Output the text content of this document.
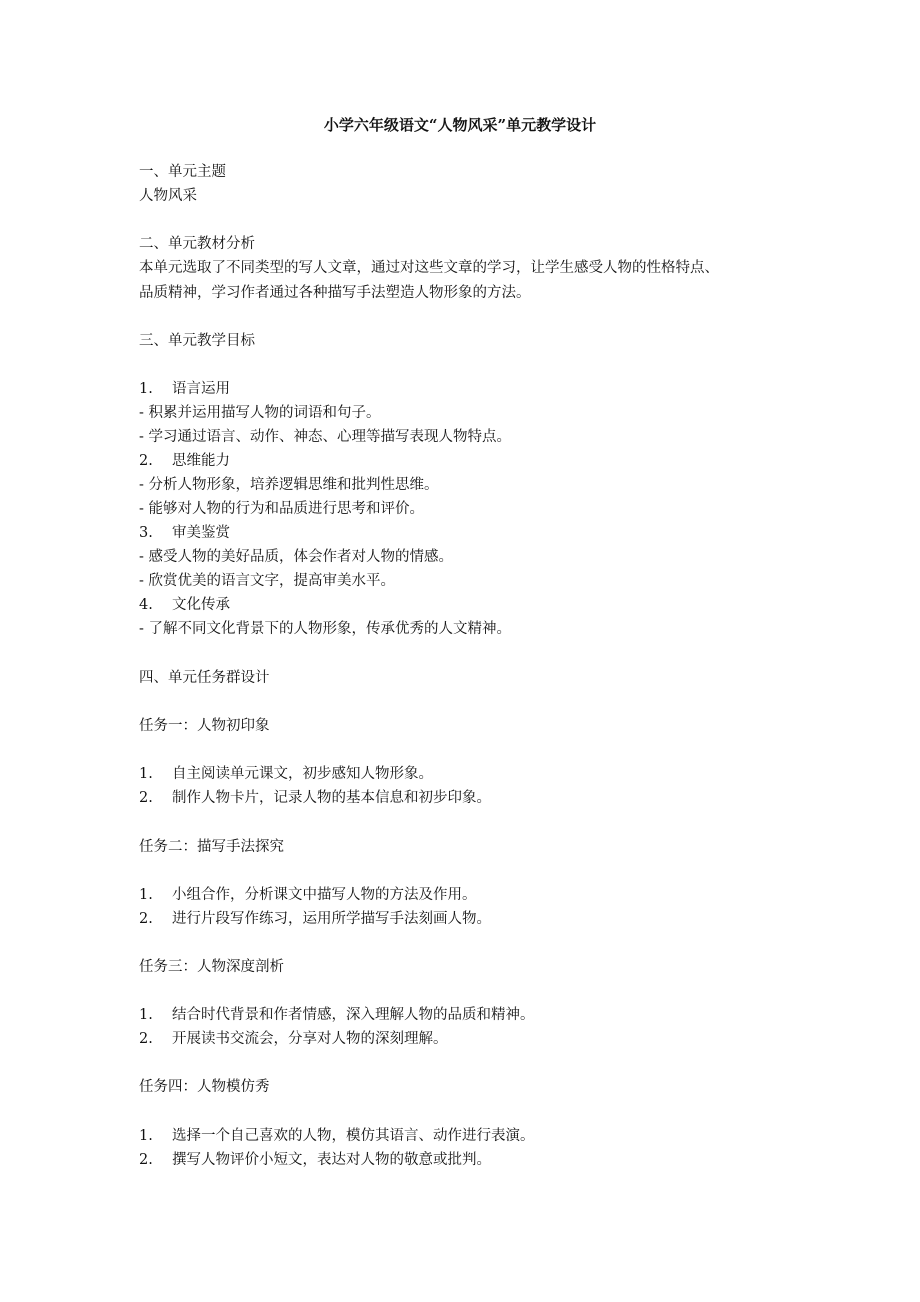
小学六年级语文“人物风采”单元教学设计
一、单元主题
人物风采
二、单元教材分析
本单元选取了不同类型的写人文章，通过对这些文章的学习，让学生感受人物的性格特点、
品质精神，学习作者通过各种描写手法塑造人物形象的方法。
三、单元教学目标
1. 语言运用
- 积累并运用描写人物的词语和句子。
- 学习通过语言、动作、神态、心理等描写表现人物特点。
2. 思维能力
- 分析人物形象，培养逻辑思维和批判性思维。
- 能够对人物的行为和品质进行思考和评价。
3. 审美鉴赏
- 感受人物的美好品质，体会作者对人物的情感。
- 欣赏优美的语言文字，提高审美水平。
4. 文化传承
- 了解不同文化背景下的人物形象，传承优秀的人文精神。
四、单元任务群设计
任务一：人物初印象
1. 自主阅读单元课文，初步感知人物形象。
2. 制作人物卡片，记录人物的基本信息和初步印象。
任务二：描写手法探究
1. 小组合作，分析课文中描写人物的方法及作用。
2. 进行片段写作练习，运用所学描写手法刻画人物。
任务三：人物深度剖析
1. 结合时代背景和作者情感，深入理解人物的品质和精神。
2. 开展读书交流会，分享对人物的深刻理解。
任务四：人物模仿秀
1. 选择一个自己喜欢的人物，模仿其语言、动作进行表演。
2. 撰写人物评价小短文，表达对人物的敬意或批判。
